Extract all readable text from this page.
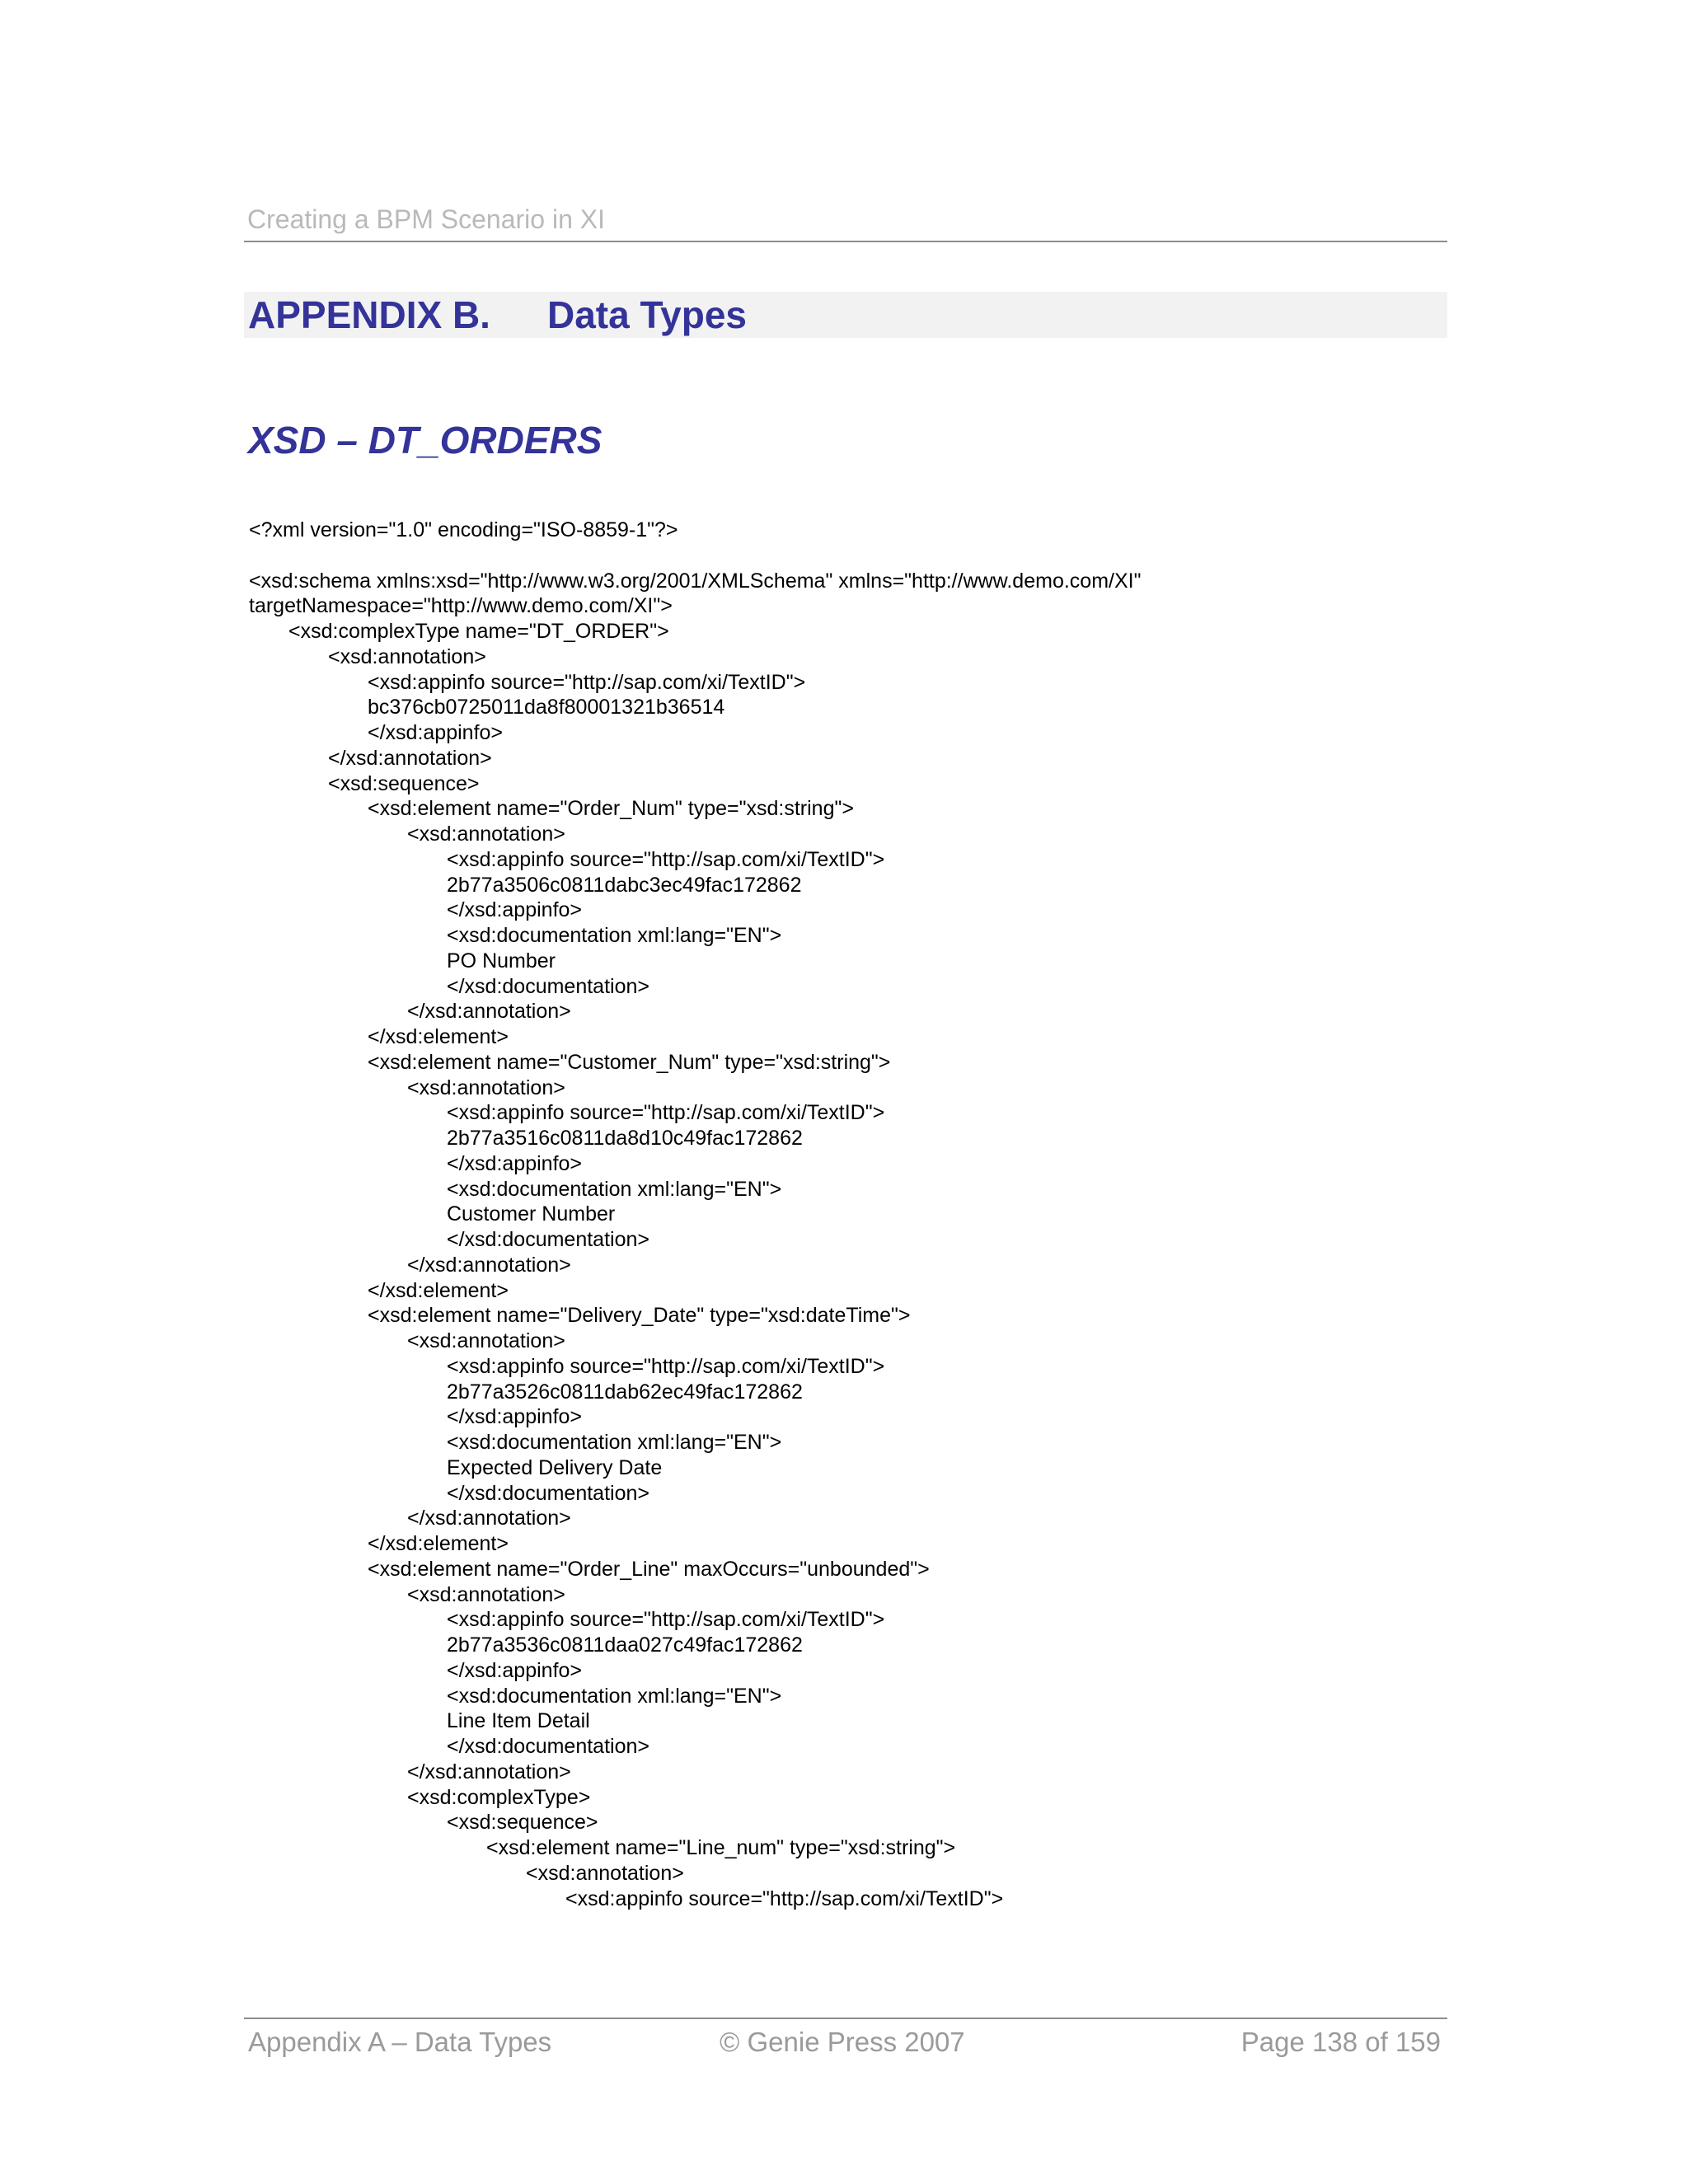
Creating a BPM Scenario in XI
APPENDIX B. Data Types
XSD – DT_ORDERS
<?xml version="1.0" encoding="ISO-8859-1"?>
<xsd:schema xmlns:xsd="http://www.w3.org/2001/XMLSchema" xmlns="http://www.demo.com/XI"
targetNamespace="http://www.demo.com/XI">
<xsd:complexType name="DT_ORDER">
<xsd:annotation>
<xsd:appinfo source="http://sap.com/xi/TextID">
bc376cb0725011da8f80001321b36514
</xsd:appinfo>
</xsd:annotation>
<xsd:sequence>
<xsd:element name="Order_Num" type="xsd:string">
<xsd:annotation>
<xsd:appinfo source="http://sap.com/xi/TextID">
2b77a3506c0811dabc3ec49fac172862
</xsd:appinfo>
<xsd:documentation xml:lang="EN">
PO Number
</xsd:documentation>
</xsd:annotation>
</xsd:element>
<xsd:element name="Customer_Num" type="xsd:string">
<xsd:annotation>
<xsd:appinfo source="http://sap.com/xi/TextID">
2b77a3516c0811da8d10c49fac172862
</xsd:appinfo>
<xsd:documentation xml:lang="EN">
Customer Number
</xsd:documentation>
</xsd:annotation>
</xsd:element>
<xsd:element name="Delivery_Date" type="xsd:dateTime">
<xsd:annotation>
<xsd:appinfo source="http://sap.com/xi/TextID">
2b77a3526c0811dab62ec49fac172862
</xsd:appinfo>
<xsd:documentation xml:lang="EN">
Expected Delivery Date
</xsd:documentation>
</xsd:annotation>
</xsd:element>
<xsd:element name="Order_Line" maxOccurs="unbounded">
<xsd:annotation>
<xsd:appinfo source="http://sap.com/xi/TextID">
2b77a3536c0811daa027c49fac172862
</xsd:appinfo>
<xsd:documentation xml:lang="EN">
Line Item Detail
</xsd:documentation>
</xsd:annotation>
<xsd:complexType>
<xsd:sequence>
<xsd:element name="Line_num" type="xsd:string">
<xsd:annotation>
<xsd:appinfo source="http://sap.com/xi/TextID">
Appendix A – Data Types	© Genie Press 2007	Page 138 of 159
